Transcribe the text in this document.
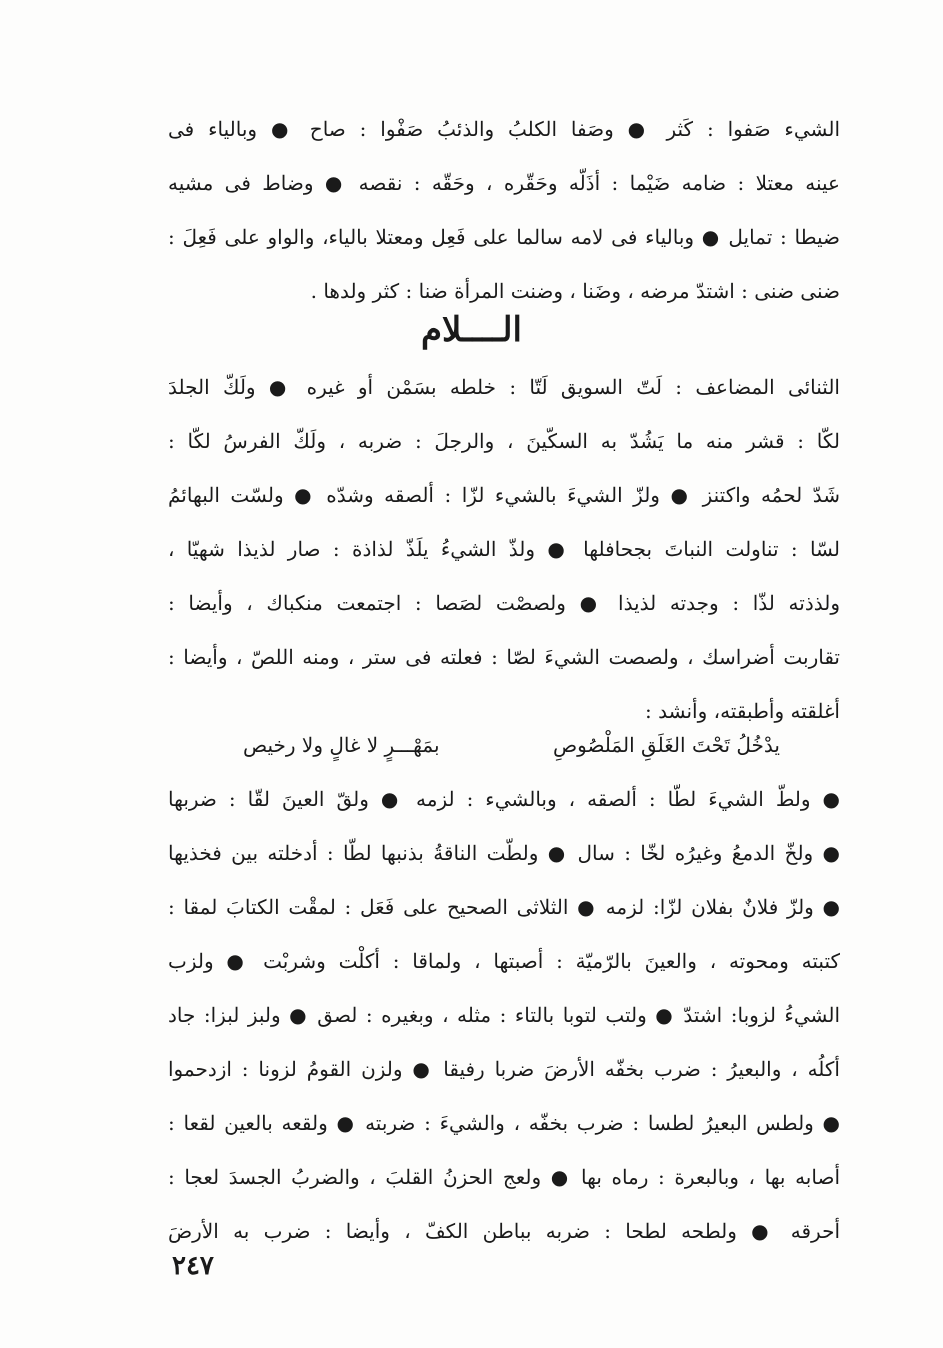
الشيء صَفوا : كَثر ● وصَفا الكلبُ والذئبُ صَفْوا : صاح ● وبالياء فى
عينه معتلا : ضامه ضَيْما : أذَلّه وحَقّره ، وحَقّه : نقصه ● وضاط فى مشيه
ضيطا : تمايل ● وبالياء فى لامه سالما على فَعِل ومعتلا بالياء، والواو على فَعِلَ :
ضنى ضنى : اشتدّ مرضه ، وضَنا ، وضنت المرأة ضنا : كثر ولدها .
الــــلام
الثنائى المضاعف : لَتّ السويق لَتّا : خلطه بسَمْن أو غيره ● ولَكّ الجلدَ
لكّا : قشر منه ما يَشُدّ به السكّينَ ، والرجلَ : ضربه ، ولَكّ الفرسُ لكّا :
شَدّ لحمُه واكتنز ● ولزّ الشيءَ بالشيء لزّا : ألصقه وشدّه ● ولسّت البهائمُ
لسّا : تناولت النباتَ بجحافلها ● ولذّ الشيءُ يلَذّ لذاذة : صار لذيذا شهيّا ،
ولذذته لذّا : وجدته لذيذا ● ولصصْت لصَصا : اجتمعت منكباك ، وأيضا :
تقاربت أضراسك ، ولصصت الشيءَ لصّا : فعلته فى ستر ، ومنه اللصّ ، وأيضا :
أغلقته وأطبقته، وأنشد :
يدْخُلُ تَحْتَ الغَلَقِ المَلْصُوصِ
بمَهْـــرٍ لا غالٍ ولا رخيص
● ولطّ الشيءَ لطّا : ألصقه ، وبالشيء : لزمه ● ولقّ العينَ لقّا : ضربها
● ولخّ الدمعُ وغيرُه لخّا : سال ● ولطّت الناقةُ بذنبها لطّا : أدخلته بين فخذيها
● ولزّ فلانٌ بفلان لزّا: لزمه ● الثلاثى الصحيح على فَعَل : لمقْت الكتابَ لمقا :
كتبته ومحوته ، والعينَ بالرّميّة : أصبتها ، ولماقا : أكلْت وشربْت ● ولزب
الشيءُ لزوبا: اشتدّ ● ولتب لتوبا بالتاء : مثله ، وبغيره : لصق ● ولبز لبزا: جاد
أكلُه ، والبعيرُ : ضرب بخفّه الأرضَ ضربا رفيقا ● ولزن القومُ لزونا : ازدحموا
● ولطس البعيرُ لطسا : ضرب بخفّه ، والشيءَ : ضربته ● ولقعه بالعين لقعا :
أصابه بها ، وبالبعرة : رماه بها ● ولعج الحزنُ القلبَ ، والضربُ الجسدَ لعجا :
أحرقه ● ولطحه لطحا : ضربه بباطن الكفّ ، وأيضا : ضرب به الأرضَ
٢٤٧
